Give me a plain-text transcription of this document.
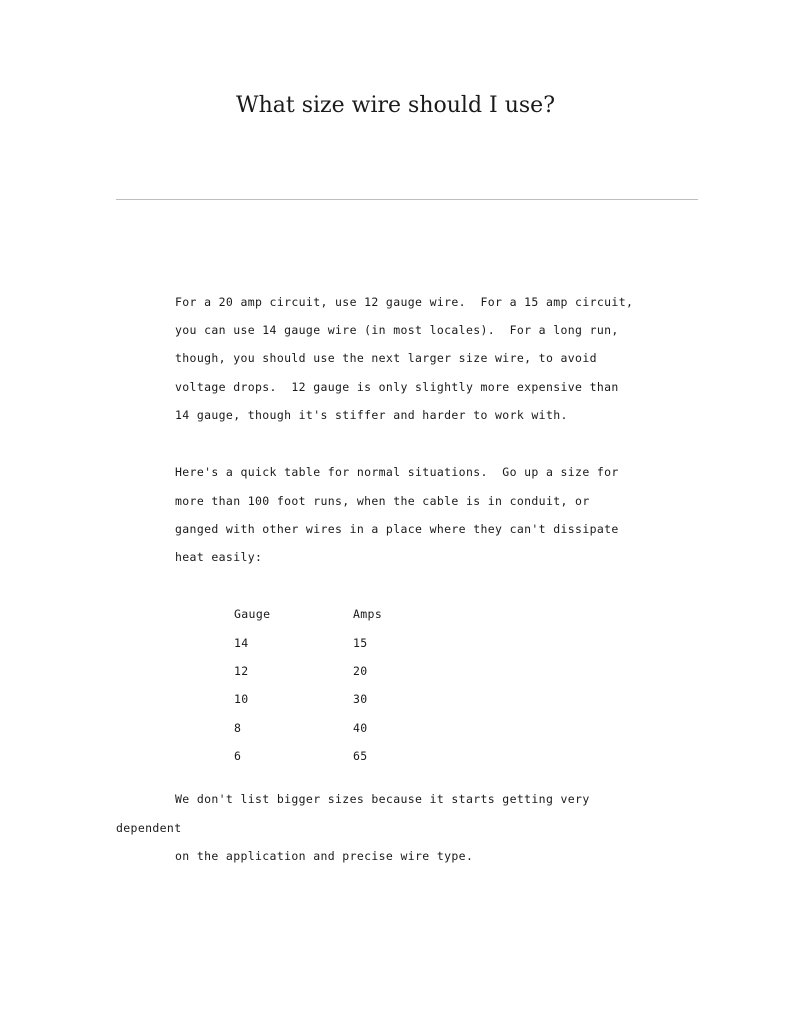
What size wire should I use?
For a 20 amp circuit, use 12 gauge wire.  For a 15 amp circuit,
you can use 14 gauge wire (in most locales).  For a long run,
though, you should use the next larger size wire, to avoid
voltage drops.  12 gauge is only slightly more expensive than
14 gauge, though it's stiffer and harder to work with.
Here's a quick table for normal situations.  Go up a size for
more than 100 foot runs, when the cable is in conduit, or
ganged with other wires in a place where they can't dissipate
heat easily:
Gauge	Amps
14	15
12	20
10	30
8	40
6	65
We don't list bigger sizes because it starts getting very
dependent
on the application and precise wire type.
